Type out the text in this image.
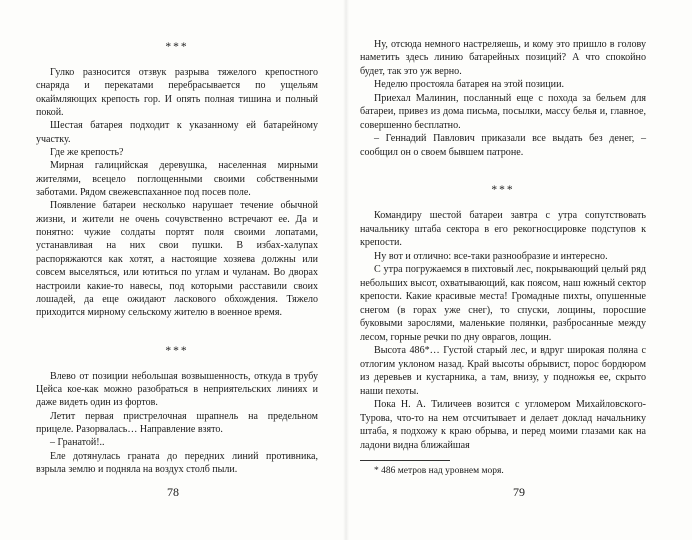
***

Гулко разносится отзвук разрыва тяжелого крепостного снаряда и перекатами перебрасывается по ущельям окаймляющих крепость гор. И опять полная тишина и полный покой.

Шестая батарея подходит к указанному ей батарейному участку.

Где же крепость?

Мирная галицийская деревушка, населенная мирными жителями, всецело поглощенными своими собственными заботами. Рядом свежевспаханное под посев поле.

Появление батареи несколько нарушает течение обычной жизни, и жители не очень сочувственно встречают ее. Да и понятно: чужие солдаты портят поля своими лопатами, устанавливая на них свои пушки. В избах-халупах распоряжаются как хотят, а настоящие хозяева должны или совсем выселяться, или ютиться по углам и чуланам. Во дворах настроили какие-то навесы, под которыми расставили своих лошадей, да еще ожидают ласкового обхождения. Тяжело приходится мирному сельскому жителю в военное время.

***

Влево от позиции небольшая возвышенность, откуда в трубу Цейса кое-как можно разобраться в неприятельских линиях и даже видеть один из фортов.

Летит первая пристрелочная шрапнель на предельном прицеле. Разорвалась… Направление взято.

– Гранатой!..

Еле дотянулась граната до передних линий противника, взрыла землю и подняла на воздух столб пыли.

78

Ну, отсюда немного настреляешь, и кому это пришло в голову наметить здесь линию батарейных позиций? А что спокойно будет, так это уж верно.

Неделю простояла батарея на этой позиции.

Приехал Малинин, посланный еще с похода за бельем для батареи, привез из дома письма, посылки, массу белья и, главное, совершенно бесплатно.

– Геннадий Павлович приказали все выдать без денег, – сообщил он о своем бывшем патроне.

***

Командиру шестой батареи завтра с утра сопутствовать начальнику штаба сектора в его рекогносцировке подступов к крепости.

Ну вот и отлично: все-таки разнообразие и интересно.

С утра погружаемся в пихтовый лес, покрывающий целый ряд небольших высот, охватывающий, как поясом, наш южный сектор крепости. Какие красивые места! Громадные пихты, опушенные снегом (в горах уже снег), то спуски, лощины, поросшие буковыми зарослями, маленькие полянки, разбросанные между лесом, горные речки по дну оврагов, лощин.

Высота 486*… Густой старый лес, и вдруг широкая поляна с отлогим уклоном назад. Край высоты обрывист, порос бордюром из деревьев и кустарника, а там, внизу, у подножья ее, скрыто наши пехоты.

Пока Н. А. Тиличеев возится с угломером Михайловского-Турова, что-то на нем отсчитывает и делает доклад начальнику штаба, я подхожу к краю обрыва, и перед моими глазами как на ладони видна ближайшая

* 486 метров над уровнем моря.

79
